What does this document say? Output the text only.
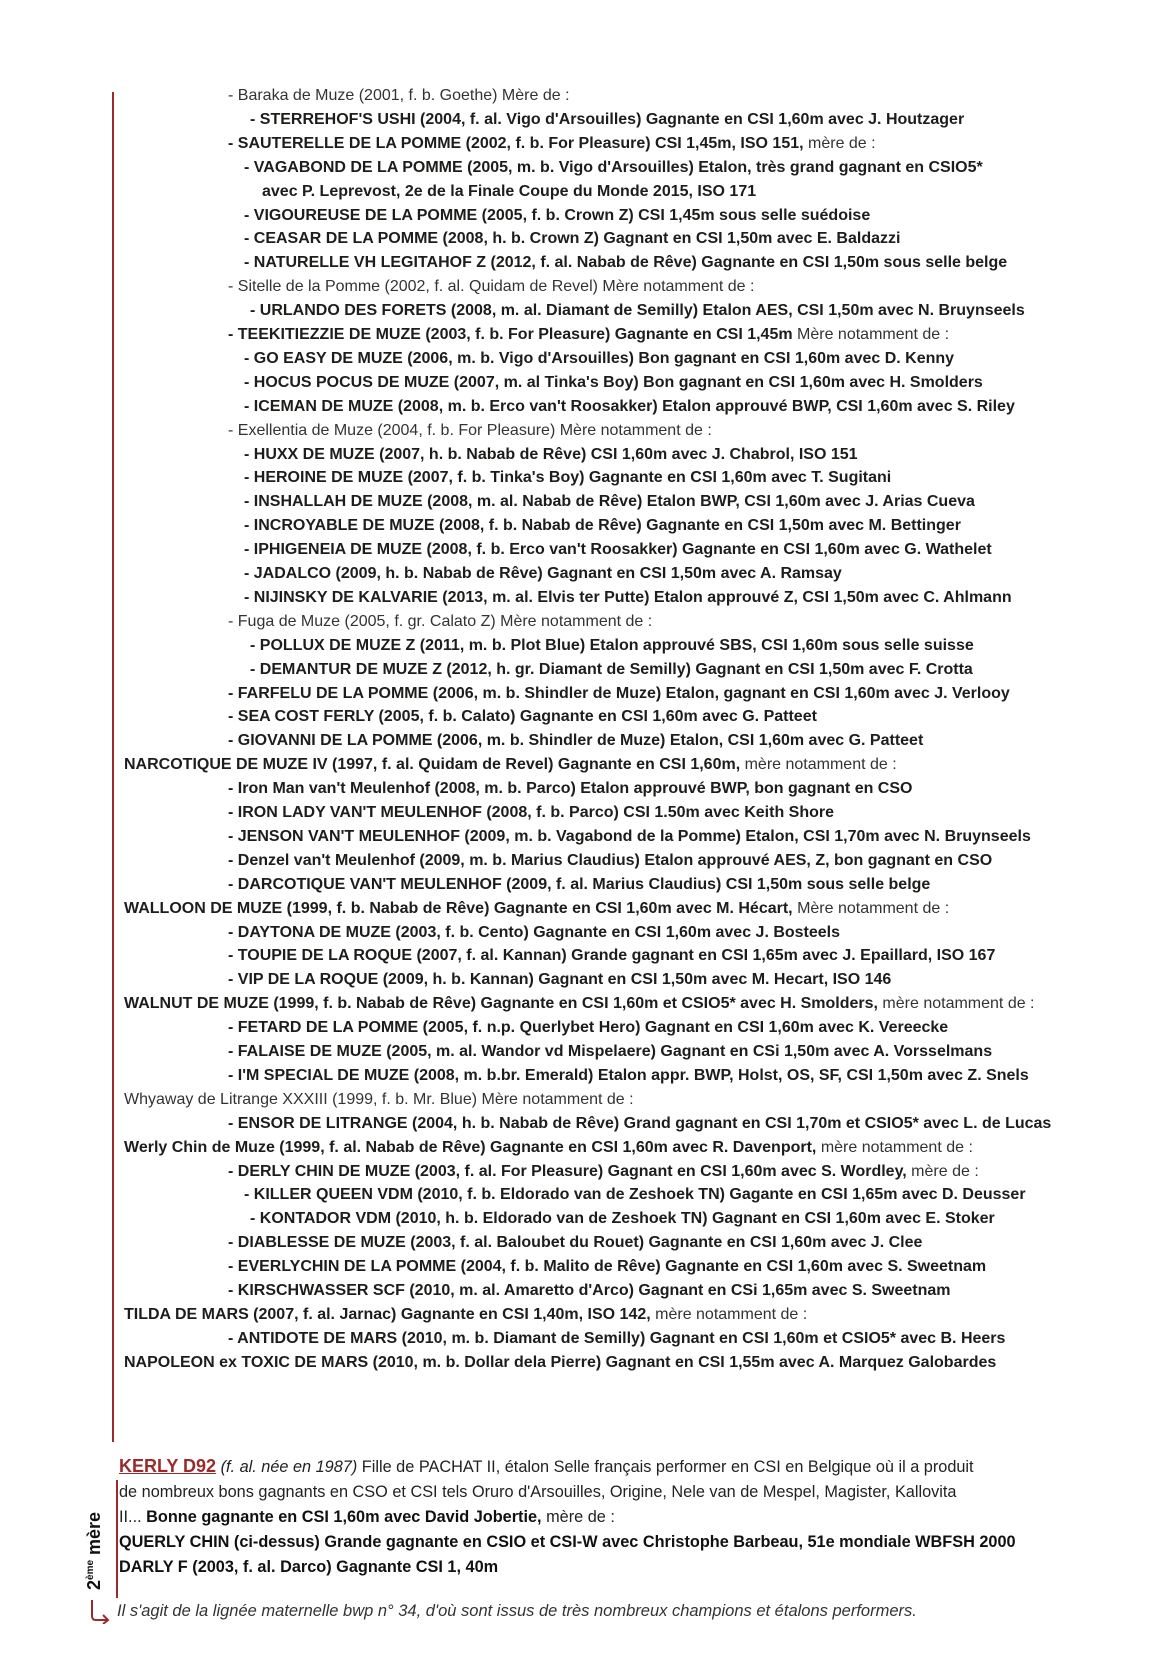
- Baraka de Muze (2001, f. b. Goethe) Mère de :
- STERREHOF'S USHI (2004, f. al. Vigo d'Arsouilles) Gagnante en CSI 1,60m avec J. Houtzager
- SAUTERELLE DE LA POMME (2002, f. b. For Pleasure) CSI 1,45m, ISO 151, mère de :
- VAGABOND DE LA POMME (2005, m. b. Vigo d'Arsouilles) Etalon, très grand gagnant en CSIO5*
avec P. Leprevost, 2e de la Finale Coupe du Monde 2015, ISO 171
- VIGOUREUSE DE LA POMME (2005, f. b. Crown Z) CSI 1,45m sous selle suédoise
- CEASAR DE LA POMME (2008, h. b. Crown Z) Gagnant en CSI 1,50m avec E. Baldazzi
- NATURELLE VH LEGITAHOF Z (2012, f. al. Nabab de Rêve) Gagnante en CSI 1,50m sous selle belge
- Sitelle de la Pomme (2002, f. al. Quidam de Revel) Mère notamment de :
- URLANDO DES FORETS (2008, m. al. Diamant de Semilly) Etalon AES, CSI 1,50m avec N. Bruynseels
- TEEKITIEZZIE DE MUZE (2003, f. b. For Pleasure) Gagnante en CSI 1,45m Mère notamment de :
- GO EASY DE MUZE (2006, m. b. Vigo d'Arsouilles) Bon gagnant en CSI 1,60m avec D. Kenny
- HOCUS POCUS DE MUZE (2007, m. al Tinka's Boy) Bon gagnant en CSI 1,60m avec H. Smolders
- ICEMAN DE MUZE (2008, m. b. Erco van't Roosakker) Etalon approuvé BWP, CSI 1,60m avec S. Riley
- Exellentia de Muze (2004, f. b. For Pleasure) Mère notamment de :
- HUXX DE MUZE (2007, h. b. Nabab de Rêve) CSI 1,60m avec J. Chabrol, ISO 151
- HEROINE DE MUZE (2007, f. b. Tinka's Boy) Gagnante en CSI 1,60m avec T. Sugitani
- INSHALLAH DE MUZE (2008, m. al. Nabab de Rêve) Etalon BWP, CSI 1,60m avec J. Arias Cueva
- INCROYABLE DE MUZE (2008, f. b. Nabab de Rêve) Gagnante en CSI 1,50m avec M. Bettinger
- IPHIGENEIA DE MUZE (2008, f. b. Erco van't Roosakker) Gagnante en CSI 1,60m avec G. Wathelet
- JADALCO (2009, h. b. Nabab de Rêve) Gagnant en CSI 1,50m avec A. Ramsay
- NIJINSKY DE KALVARIE (2013, m. al. Elvis ter Putte) Etalon approuvé Z, CSI 1,50m avec C. Ahlmann
- Fuga de Muze (2005, f. gr. Calato Z) Mère notamment de :
- POLLUX DE MUZE Z (2011, m. b. Plot Blue) Etalon approuvé SBS, CSI 1,60m sous selle suisse
- DEMANTUR DE MUZE Z (2012, h. gr. Diamant de Semilly) Gagnant en CSI 1,50m avec F. Crotta
- FARFELU DE LA POMME (2006, m. b. Shindler de Muze) Etalon, gagnant en CSI 1,60m avec J. Verlooy
- SEA COST FERLY (2005, f. b. Calato) Gagnante en CSI 1,60m avec G. Patteet
- GIOVANNI DE LA POMME (2006, m. b. Shindler de Muze) Etalon, CSI 1,60m avec G. Patteet
NARCOTIQUE DE MUZE IV (1997, f. al. Quidam de Revel) Gagnante en CSI 1,60m, mère notamment de :
- Iron Man van't Meulenhof (2008, m. b. Parco) Etalon approuvé BWP, bon gagnant en CSO
- IRON LADY VAN'T MEULENHOF (2008, f. b. Parco) CSI 1.50m avec Keith Shore
- JENSON VAN'T MEULENHOF (2009, m. b. Vagabond de la Pomme) Etalon, CSI 1,70m avec N. Bruynseels
- Denzel van't Meulenhof (2009, m. b. Marius Claudius) Etalon approuvé AES, Z, bon gagnant en CSO
- DARCOTIQUE VAN'T MEULENHOF (2009, f. al. Marius Claudius) CSI 1,50m sous selle belge
WALLOON DE MUZE (1999, f. b. Nabab de Rêve) Gagnante en CSI 1,60m avec M. Hécart, Mère notamment de :
- DAYTONA DE MUZE (2003, f. b. Cento) Gagnante en CSI 1,60m avec J. Bosteels
- TOUPIE DE LA ROQUE (2007, f. al. Kannan) Grande gagnant en CSI 1,65m avec J. Epaillard, ISO 167
- VIP DE LA ROQUE (2009, h. b. Kannan) Gagnant en CSI 1,50m avec M. Hecart, ISO 146
WALNUT DE MUZE (1999, f. b. Nabab de Rêve) Gagnante en CSI 1,60m et CSIO5* avec H. Smolders, mère notamment de :
- FETARD DE LA POMME (2005, f. n.p. Querlybet Hero) Gagnant en CSI 1,60m avec K. Vereecke
- FALAISE DE MUZE (2005, m. al. Wandor vd Mispelaere) Gagnant en CSi 1,50m avec A. Vorsselmans
- I'M SPECIAL DE MUZE (2008, m. b.br. Emerald) Etalon appr. BWP, Holst, OS, SF, CSI 1,50m avec Z. Snels
Whyaway de Litrange XXXIII (1999, f. b. Mr. Blue) Mère notamment de :
- ENSOR DE LITRANGE (2004, h. b. Nabab de Rêve) Grand gagnant en CSI 1,70m et CSIO5* avec L. de Lucas
Werly Chin de Muze (1999, f. al. Nabab de Rêve) Gagnante en CSI 1,60m avec R. Davenport, mère notamment de :
- DERLY CHIN DE MUZE (2003, f. al. For Pleasure) Gagnant en CSI 1,60m avec S. Wordley, mère de :
- KILLER QUEEN VDM (2010, f. b. Eldorado van de Zeshoek TN) Gagante en CSI 1,65m avec D. Deusser
- KONTADOR VDM (2010, h. b. Eldorado van de Zeshoek TN) Gagnant en CSI 1,60m avec E. Stoker
- DIABLESSE DE MUZE (2003, f. al. Baloubet du Rouet) Gagnante en CSI 1,60m avec J. Clee
- EVERLYCHIN DE LA POMME (2004, f. b. Malito de Rêve) Gagnante en CSI 1,60m avec S. Sweetnam
- KIRSCHWASSER SCF (2010, m. al. Amaretto d'Arco) Gagnant en CSi 1,65m avec S. Sweetnam
TILDA DE MARS (2007, f. al. Jarnac) Gagnante en CSI 1,40m, ISO 142, mère notamment de :
- ANTIDOTE DE MARS (2010, m. b. Diamant de Semilly) Gagnant en CSI 1,60m et CSIO5* avec B. Heers
NAPOLEON ex TOXIC DE MARS (2010, m. b. Dollar dela Pierre) Gagnant en CSI 1,55m avec A. Marquez Galobardes
KERLY D92 (f. al. née en 1987) Fille de PACHAT II, étalon Selle français performer en CSI en Belgique où il a produit
de nombreux bons gagnants en CSO et CSI tels Oruro d'Arsouilles, Origine, Nele van de Mespel, Magister, Kallovita
II... Bonne gagnante en CSI 1,60m avec David Jobertie, mère de :
QUERLY CHIN (ci-dessus) Grande gagnante en CSIO et CSI-W avec Christophe Barbeau, 51e mondiale WBFSH 2000
DARLY F (2003, f. al. Darco) Gagnante CSI 1, 40m
2ème mère
Il s'agit de la lignée maternelle bwp n° 34, d'où sont issus de très nombreux champions et étalons performers.
